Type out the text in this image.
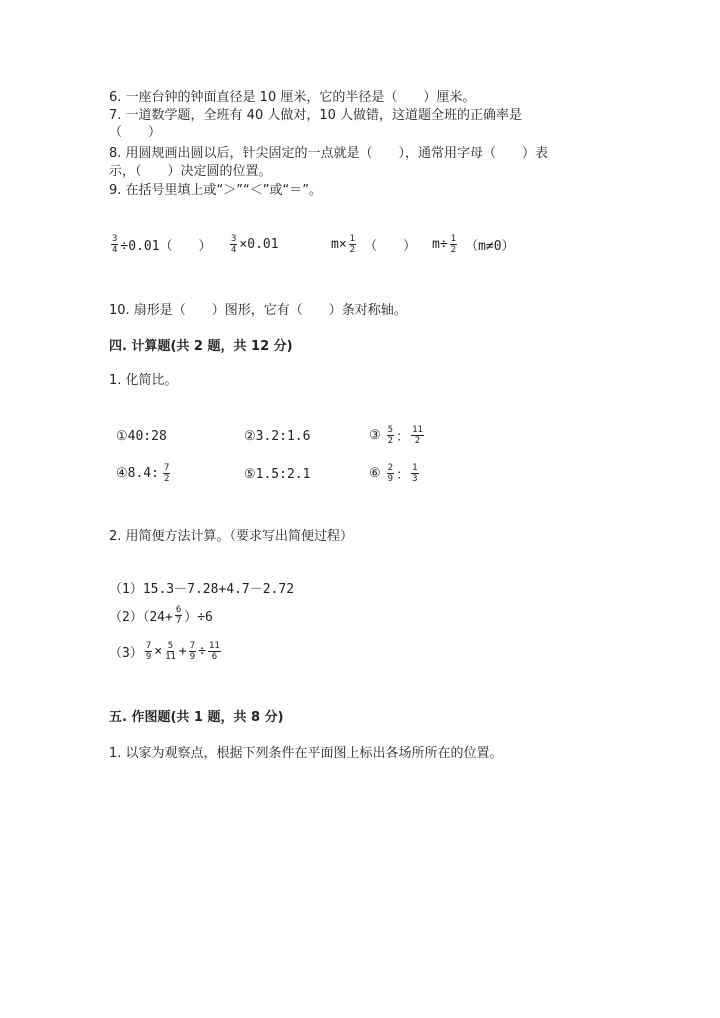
6. 一座台钟的钟面直径是 10 厘米，它的半径是（　　）厘米。
7. 一道数学题，全班有 40 人做对，10 人做错，这道题全班的正确率是
（　　）
8. 用圆规画出圆以后，针尖固定的一点就是（　　），通常用字母（　　）表
示，（　　）决定圆的位置。
9. 在括号里填上或“＞”“＜”或“＝”。
$\frac{3}{4} \div 0.01$（　　） $\frac{3}{4} \times 0.01$	$m\times \frac{1}{2}$ （　　） $m\div \frac{1}{2} (m\ne 0)$
10. 扇形是（　　）图形，它有（　　）条对称轴。
四. 计算题(共 2 题，共 12 分)
1. 化简比。
①40:28	②3.2:1.6	③ $\frac{5}{2}$ ： $\frac{11}{2}$
④8.4: $\frac{7}{2}$	⑤1.5:2.1	⑥ $\frac{2}{9}$ ： $\frac{1}{3}$
2. 用简便方法计算。（要求写出简便过程）
（1）15.3－7.28+4.7－2.72
$(2)(24+ \frac{6}{7} )\div 6$
$(3) \frac{7}{9} \times \frac{5}{11} + \frac{7}{9} \div \frac{11}{6}$
五. 作图题(共 1 题，共 8 分)
1. 以家为观察点，根据下列条件在平面图上标出各场所所在的位置。
